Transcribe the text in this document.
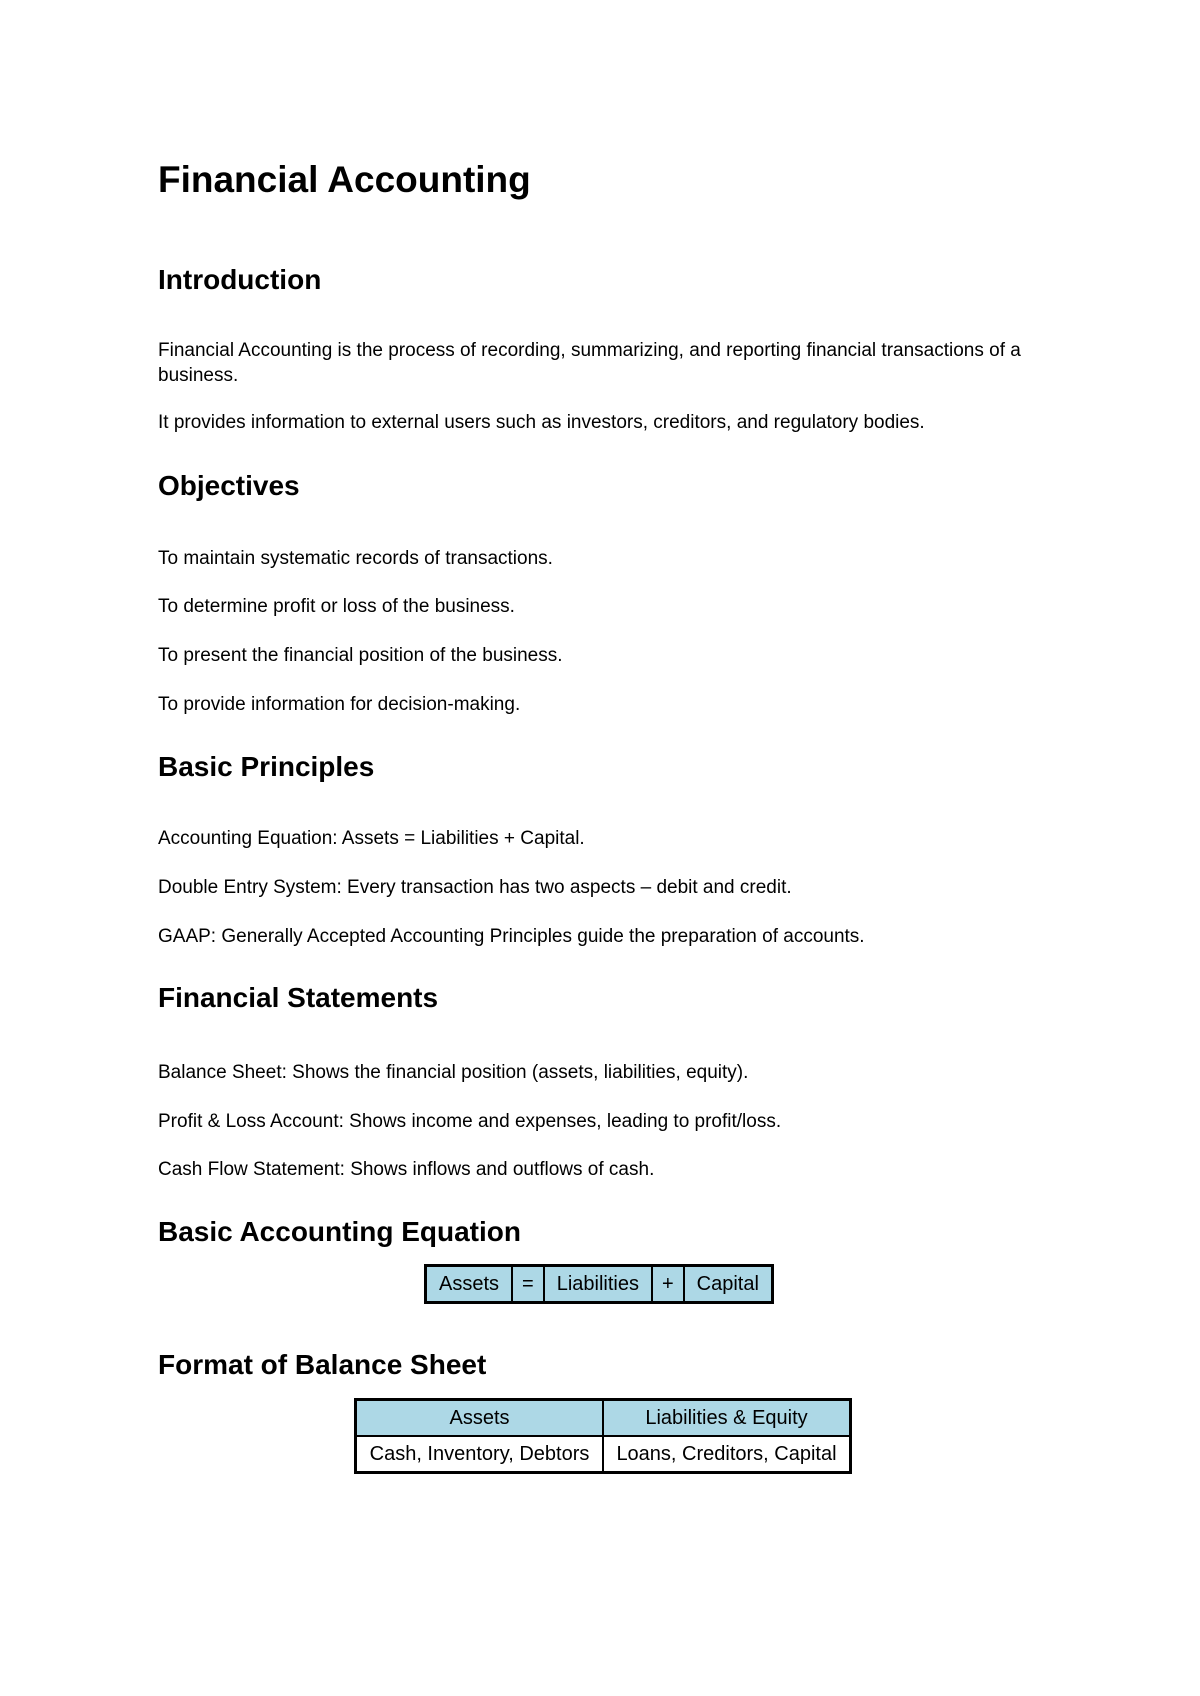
Financial Accounting
Introduction

Financial Accounting is the process of recording, summarizing, and reporting financial transactions of a business.

It provides information to external users such as investors, creditors, and regulatory bodies.

Objectives

To maintain systematic records of transactions.

To determine profit or loss of the business.

To present the financial position of the business.

To provide information for decision-making.

Basic Principles

Accounting Equation: Assets = Liabilities + Capital.

Double Entry System: Every transaction has two aspects – debit and credit.

GAAP: Generally Accepted Accounting Principles guide the preparation of accounts.

Financial Statements

Balance Sheet: Shows the financial position (assets, liabilities, equity).

Profit & Loss Account: Shows income and expenses, leading to profit/loss.

Cash Flow Statement: Shows inflows and outflows of cash.

Basic Accounting Equation
Assets	=	Liabilities	+	Capital
Format of Balance Sheet
Assets	Liabilities & Equity
Cash, Inventory, Debtors	Loans, Creditors, Capital
